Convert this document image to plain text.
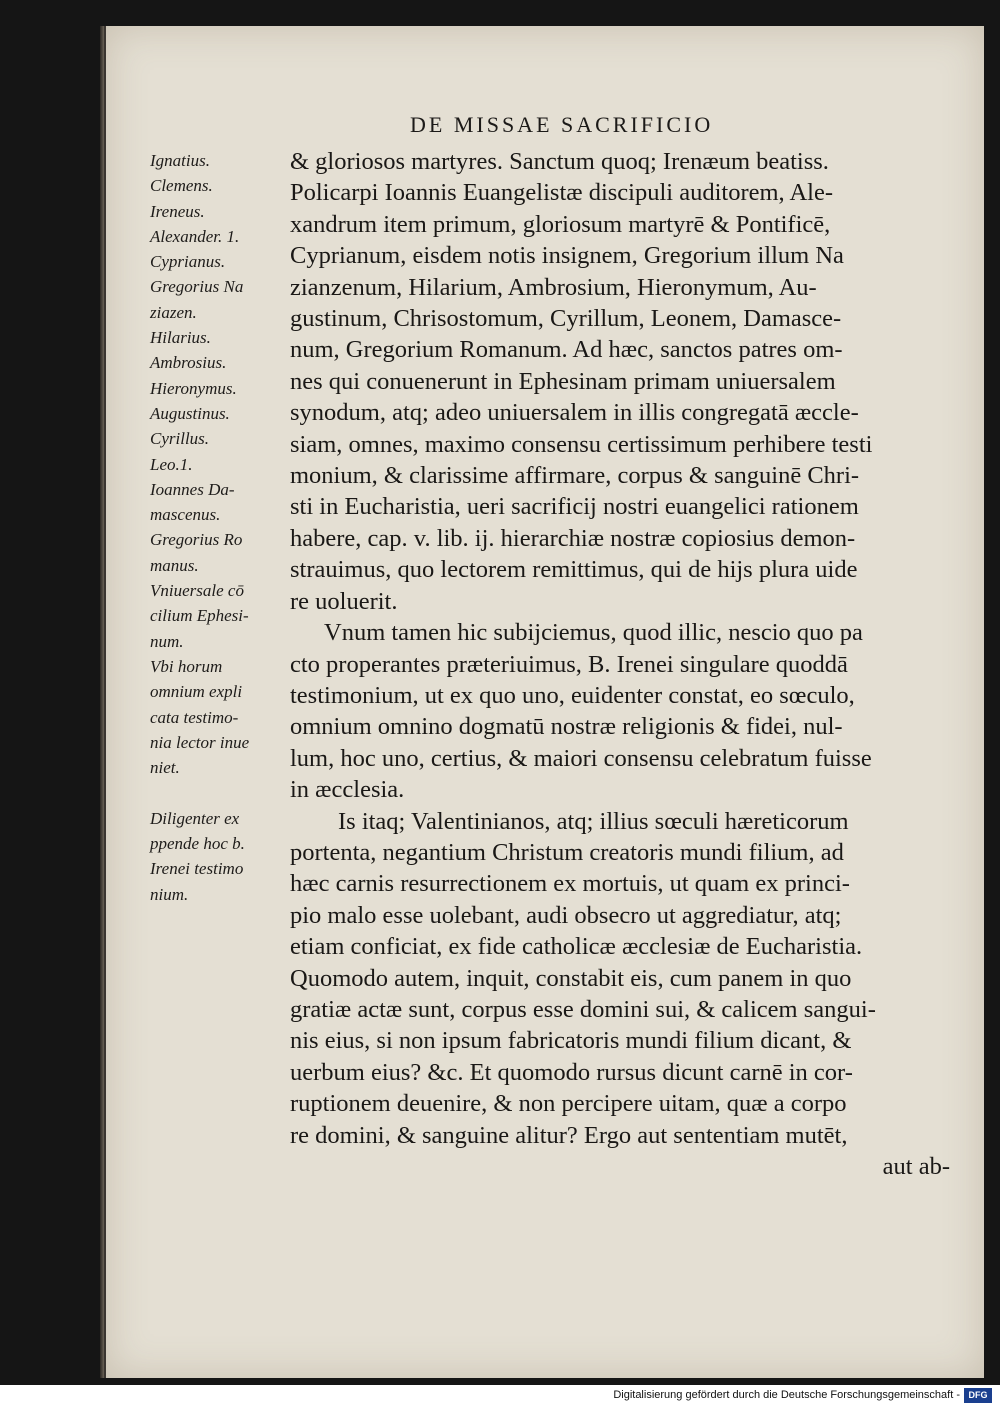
DE MISSAE SACRIFICIO
Ignatius.
Clemens.
Ireneus.
Alexander. 1.
Cyprianus.
Gregorius Na
ziazen.
Hilarius.
Ambrosius.
Hieronymus.
Augustinus.
Cyrillus.
Leo.1.
Ioannes Da-
mascenus.
Gregorius Ro
manus.
Vniuersale cō
cilium Ephesi-
num.
Vbi horum
omnium expli
cata testimo-
nia lector inue
niet.

Diligenter ex
ppende hoc b.
Irenei testimo
nium.
& gloriosos martyres. Sanctum quoq; Irenæum beatiss.
Policarpi Ioannis Euangelistæ discipuli auditorem, Ale-
xandrum item primum, gloriosum martyrē & Pontificē,
Cyprianum, eisdem notis insignem, Gregorium illum Na
zianzenum, Hilarium, Ambrosium, Hieronymum, Au-
gustinum, Chrisostomum, Cyrillum, Leonem, Damasce-
num, Gregorium Romanum. Ad hæc, sanctos patres om-
nes qui conuenerunt in Ephesinam primam uniuersalem
synodum, atq; adeo uniuersalem in illis congregatā æccle-
siam, omnes, maximo consensu certissimum perhibere testi
monium, & clarissime affirmare, corpus & sanguinē Chri-
sti in Eucharistia, ueri sacrificij nostri euangelici rationem
habere, cap. v. lib. ij. hierarchiæ nostræ copiosius demon-
strauimus, quo lectorem remittimus, qui de hijs plura uide
re uoluerit.
Vnum tamen hic subijciemus, quod illic, nescio quo pa
cto properantes præteriuimus, B. Irenei singulare quoddā
testimonium, ut ex quo uno, euidenter constat, eo sœculo,
omnium omnino dogmatū nostræ religionis & fidei, nul-
lum, hoc uno, certius, & maiori consensu celebratum fuisse
in æcclesia.
Is itaq; Valentinianos, atq; illius sœculi hæreticorum
portenta, negantium Christum creatoris mundi filium, ad
hæc carnis resurrectionem ex mortuis, ut quam ex princi-
pio malo esse uolebant, audi obsecro ut aggrediatur, atq;
etiam conficiat, ex fide catholicæ æcclesiæ de Eucharistia.
Quomodo autem, inquit, constabit eis, cum panem in quo
gratiæ actæ sunt, corpus esse domini sui, & calicem sangui-
nis eius, si non ipsum fabricatoris mundi filium dicant, &
uerbum eius? &c. Et quomodo rursus dicunt carnē in cor-
ruptionem deuenire, & non percipere uitam, quæ a corpo
re domini, & sanguine alitur? Ergo aut sententiam mutēt,
aut ab-
Digitalisierung gefördert durch die Deutsche Forschungsgemeinschaft - DFG
